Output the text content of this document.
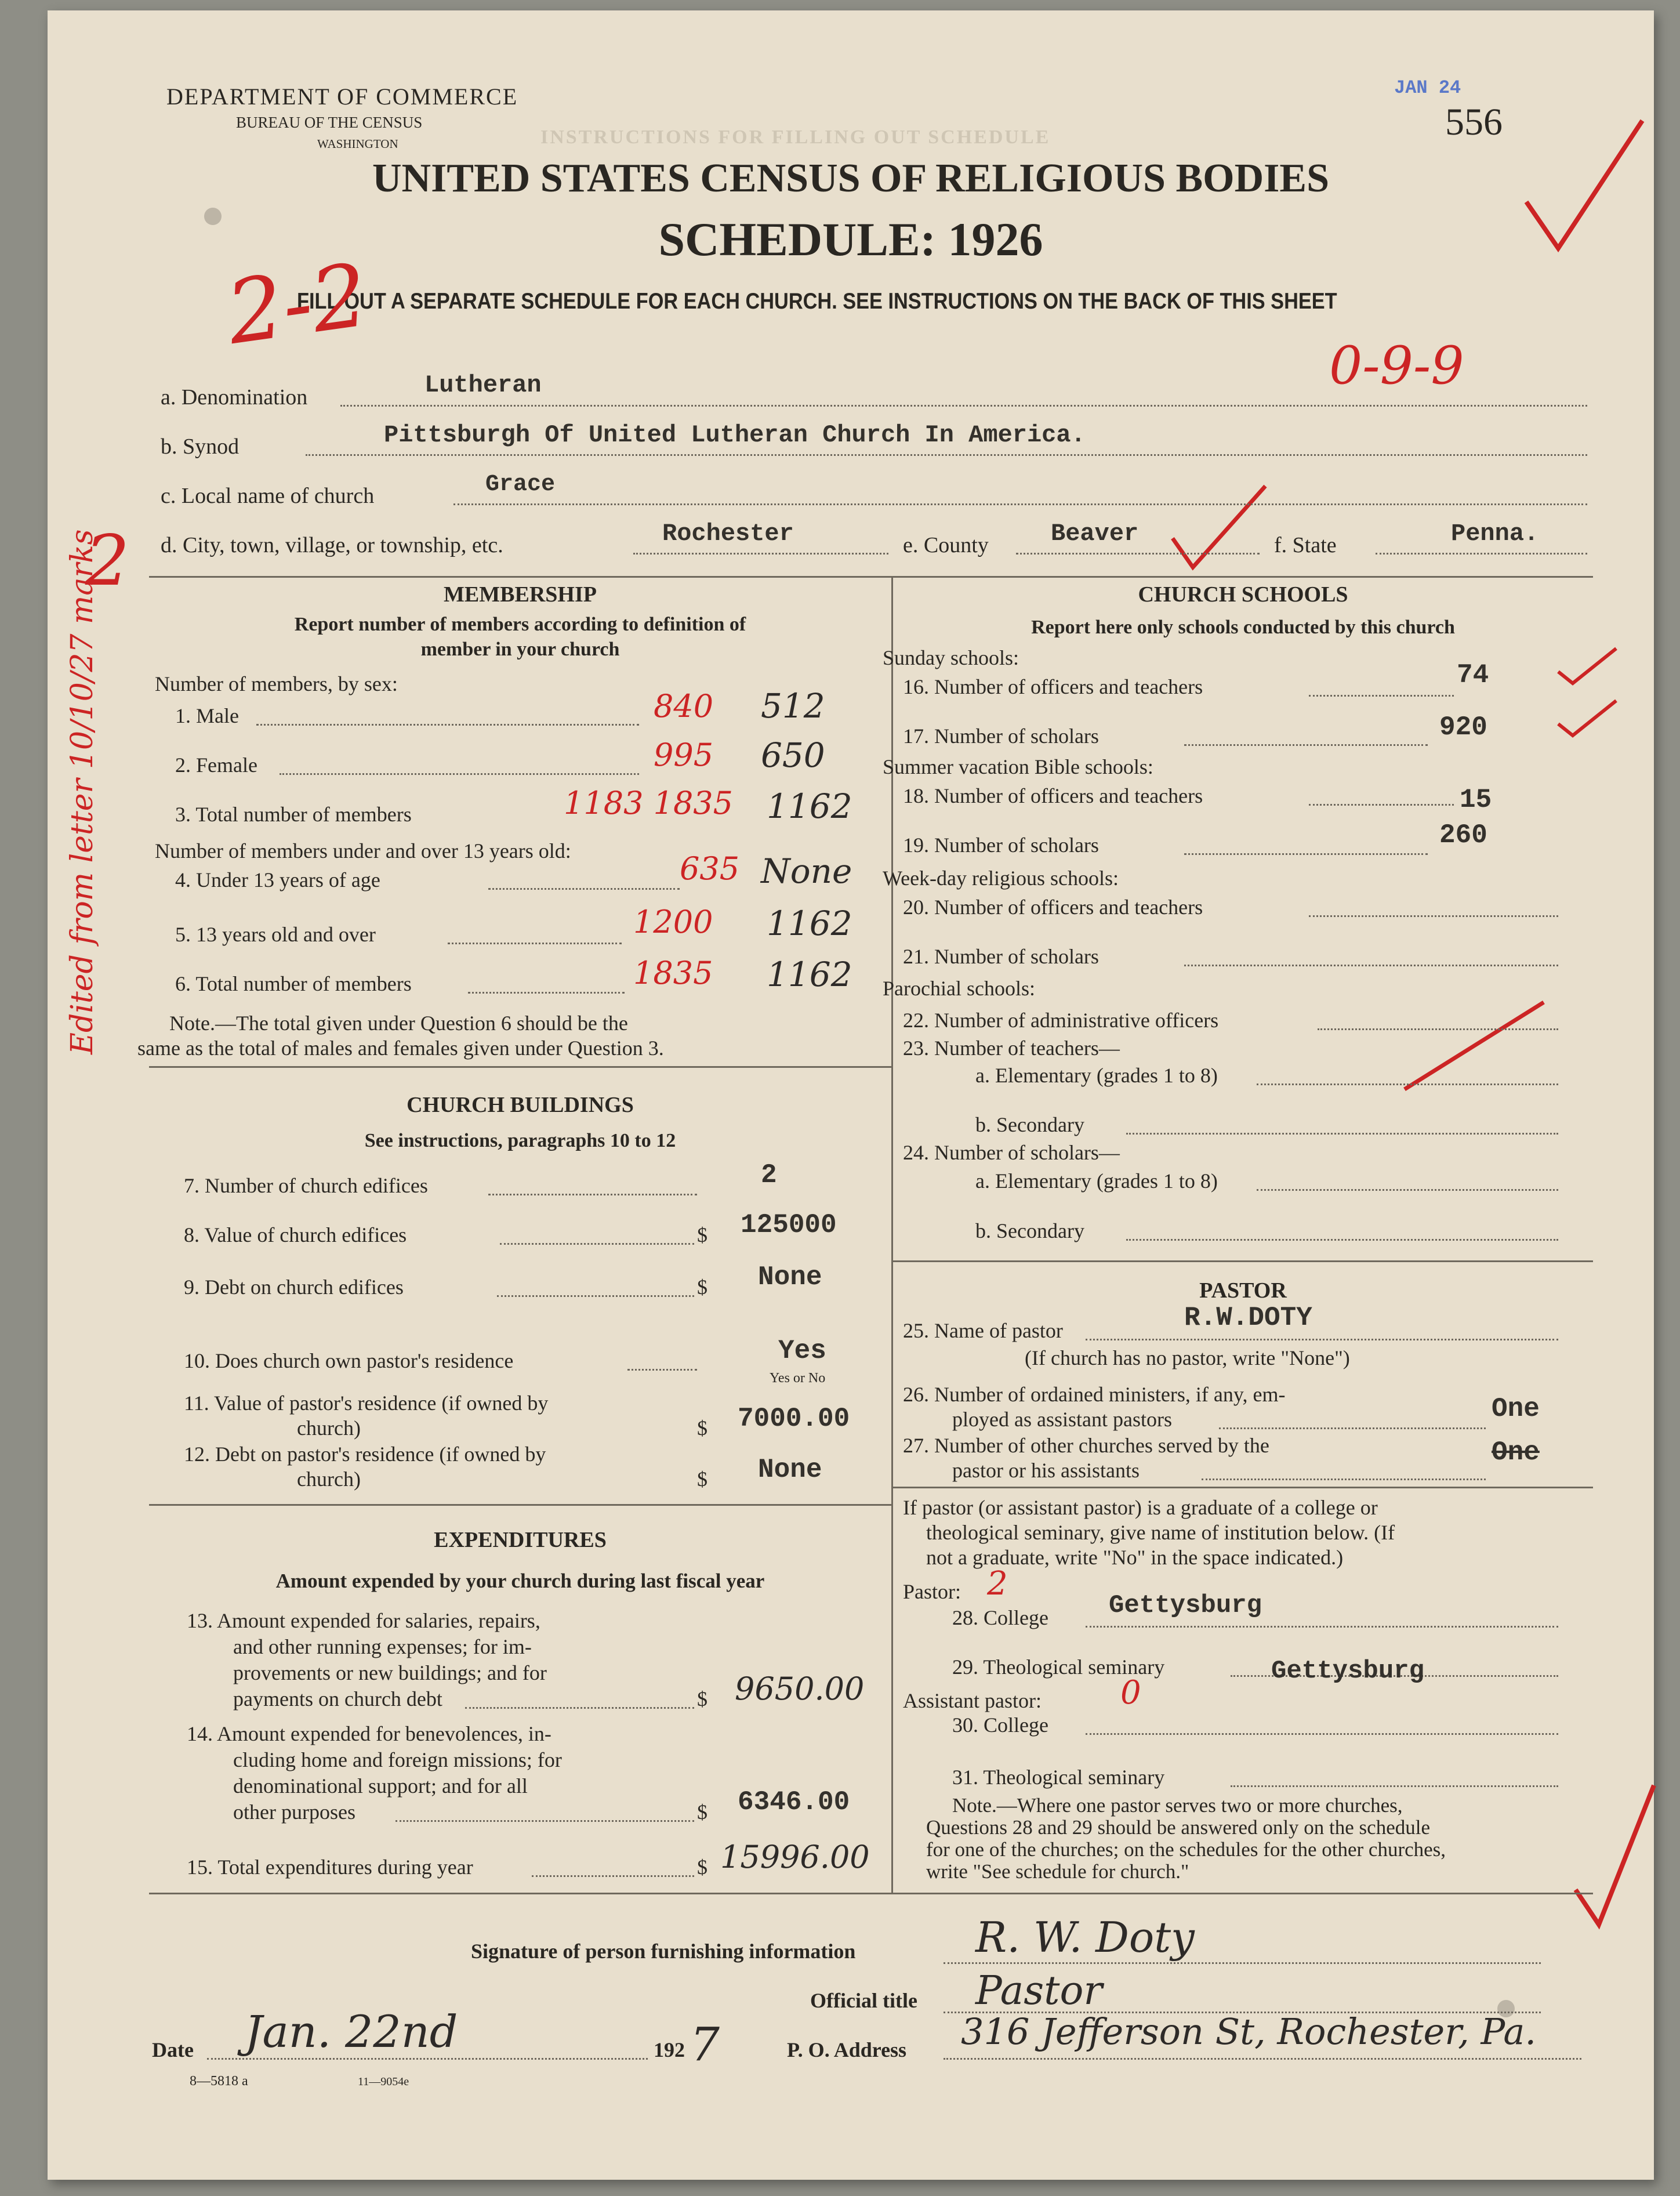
INSTRUCTIONS FOR FILLING OUT SCHEDULE
DEPARTMENT OF COMMERCE
BUREAU OF THE CENSUS
WASHINGTON
JAN 24
556
UNITED STATES CENSUS OF RELIGIOUS BODIES
SCHEDULE: 1926
FILL OUT A SEPARATE SCHEDULE FOR EACH CHURCH. SEE INSTRUCTIONS ON THE BACK OF THIS SHEET
2-2
0-9-9
2
Edited from letter 10/10/27 marks
a. Denomination	Lutheran
b. Synod	Pittsburgh Of United Lutheran Church In America.
c. Local name of church	Grace
d. City, town, village, or township, etc.	Rochester	e. County	Beaver	f. State	Penna.
MEMBERSHIP
Report number of members according to definition of
member in your church
Number of members, by sex:
1. Male	840 512
2. Female	995 650
3. Total number of members	1183 1835 1162
Number of members under and over 13 years old:
4. Under 13 years of age	635 None
5. 13 years old and over	1200 1162
6. Total number of members	1835 1162
Note.—The total given under Question 6 should be the
same as the total of males and females given under Question 3.
CHURCH BUILDINGS
See instructions, paragraphs 10 to 12
7. Number of church edifices	2
8. Value of church edifices	$ 125000
9. Debt on church edifices	$ None
10. Does church own pastor's residence	Yes
Yes or No
11. Value of pastor's residence (if owned by
church)	$ 7000.00
12. Debt on pastor's residence (if owned by
church)	$ None
EXPENDITURES
Amount expended by your church during last fiscal year
13. Amount expended for salaries, repairs,
and other running expenses; for im-
provements or new buildings; and for
payments on church debt	$ 9650.00
14. Amount expended for benevolences, in-
cluding home and foreign missions; for
denominational support; and for all
other purposes	$ 6346.00
15. Total expenditures during year	$ 15996.00
CHURCH SCHOOLS
Report here only schools conducted by this church
Sunday schools:
16. Number of officers and teachers	74
17. Number of scholars	920
Summer vacation Bible schools:
18. Number of officers and teachers	15
19. Number of scholars	260
Week-day religious schools:
20. Number of officers and teachers
21. Number of scholars
Parochial schools:
22. Number of administrative officers
23. Number of teachers—
a. Elementary (grades 1 to 8)
b. Secondary
24. Number of scholars—
a. Elementary (grades 1 to 8)
b. Secondary
PASTOR
25. Name of pastor	R.W.DOTY
(If church has no pastor, write "None")
26. Number of ordained ministers, if any, em-
ployed as assistant pastors	One
27. Number of other churches served by the
pastor or his assistants
One
If pastor (or assistant pastor) is a graduate of a college or
theological seminary, give name of institution below. (If
not a graduate, write "No" in the space indicated.)
Pastor: 2
28. College Gettysburg
29. Theological seminary	Gettysburg
Assistant pastor: 0
30. College
31. Theological seminary
Note.—Where one pastor serves two or more churches,
Questions 28 and 29 should be answered only on the schedule
for one of the churches; on the schedules for the other churches,
write "See schedule for church."
Signature of person furnishing information	R. W. Doty
Official title Pastor
Date Jan. 22nd	192 7	P. O. Address 316 Jefferson St, Rochester, Pa.
8—5818 a	11—9054e
